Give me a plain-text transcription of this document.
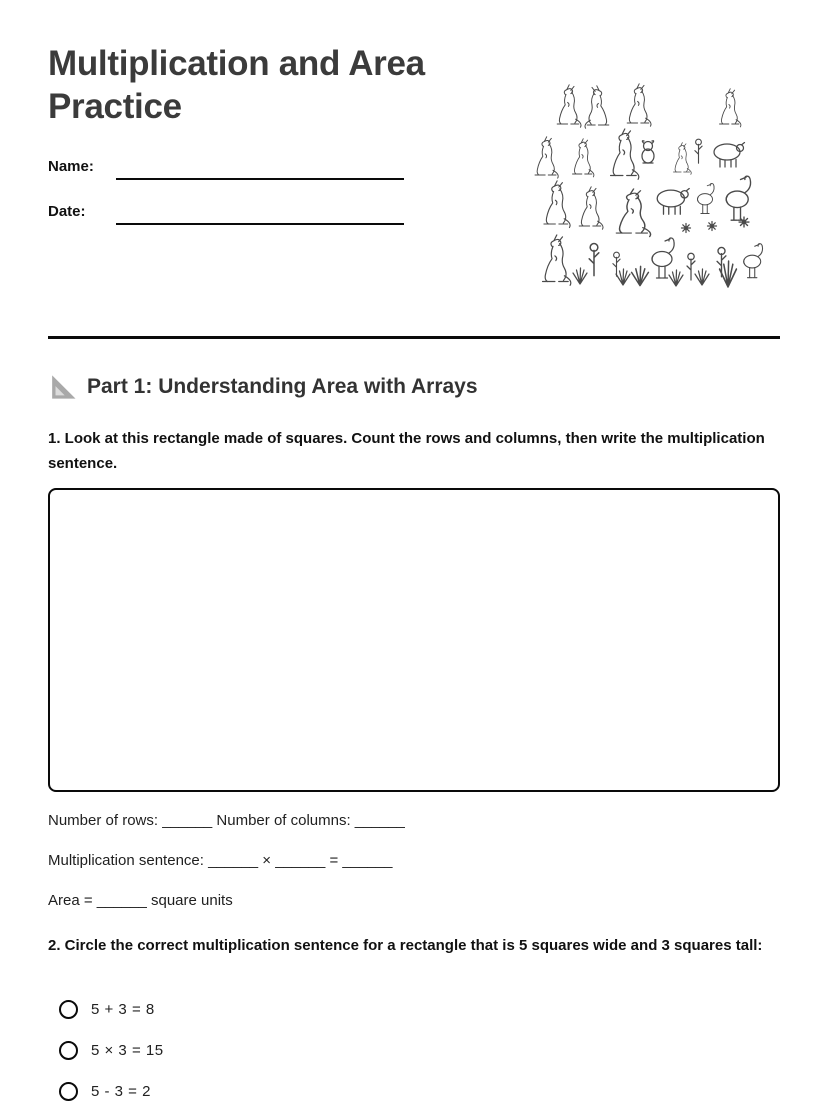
Multiplication and Area Practice
Name:
Date:
Part 1: Understanding Area with Arrays

1. Look at this rectangle made of squares. Count the rows and columns, then write the multiplication sentence.

Number of rows: ______ Number of columns: ______

Multiplication sentence: ______ × ______ = ______

Area = ______ square units

2. Circle the correct multiplication sentence for a rectangle that is 5 squares wide and 3 squares tall:

5 + 3 = 8
5 × 3 = 15
5 - 3 = 2
